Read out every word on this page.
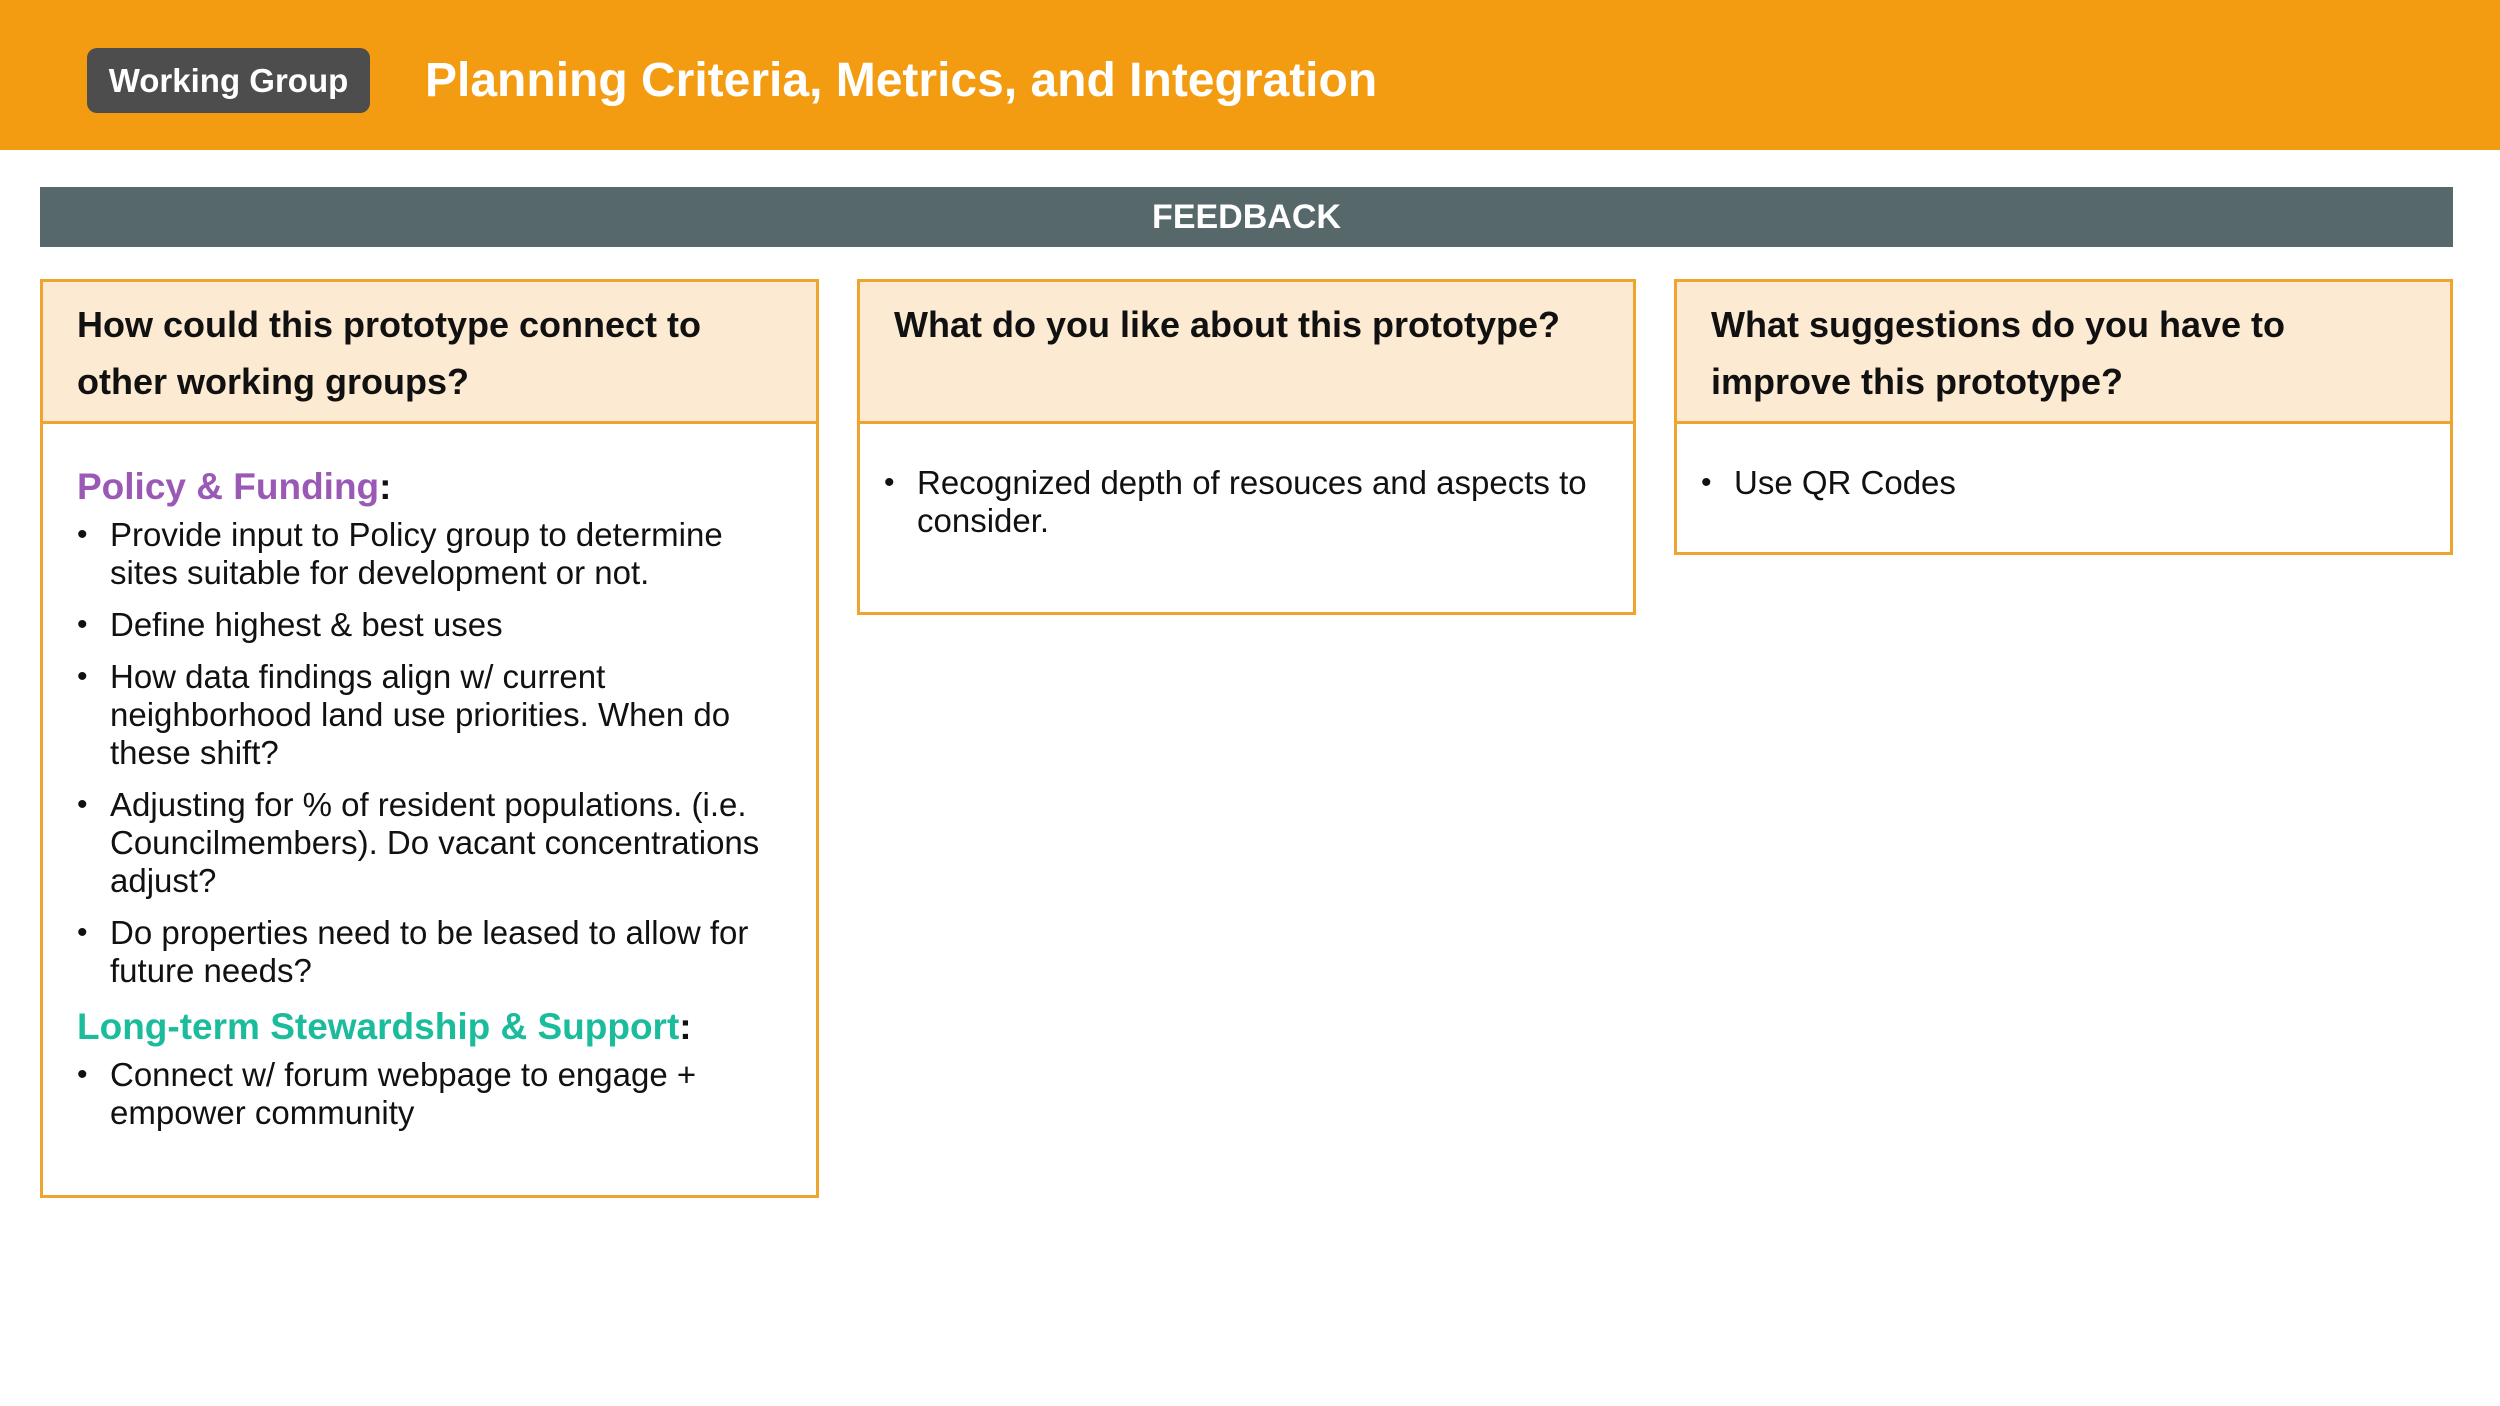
Working Group	Planning Criteria, Metrics, and Integration
FEEDBACK
How could this prototype connect to other working groups?
Policy & Funding:
• Provide input to Policy group to determine sites suitable for development or not.
• Define highest & best uses
• How data findings align w/ current neighborhood land use priorities. When do these shift?
• Adjusting for % of resident populations. (i.e. Councilmembers). Do vacant concentrations adjust?
• Do properties need to be leased to allow for future needs?
Long-term Stewardship & Support:
• Connect w/ forum webpage to engage + empower community
What do you like about this prototype?
• Recognized depth of resouces and aspects to consider.
What suggestions do you have to improve this prototype?
• Use QR Codes
